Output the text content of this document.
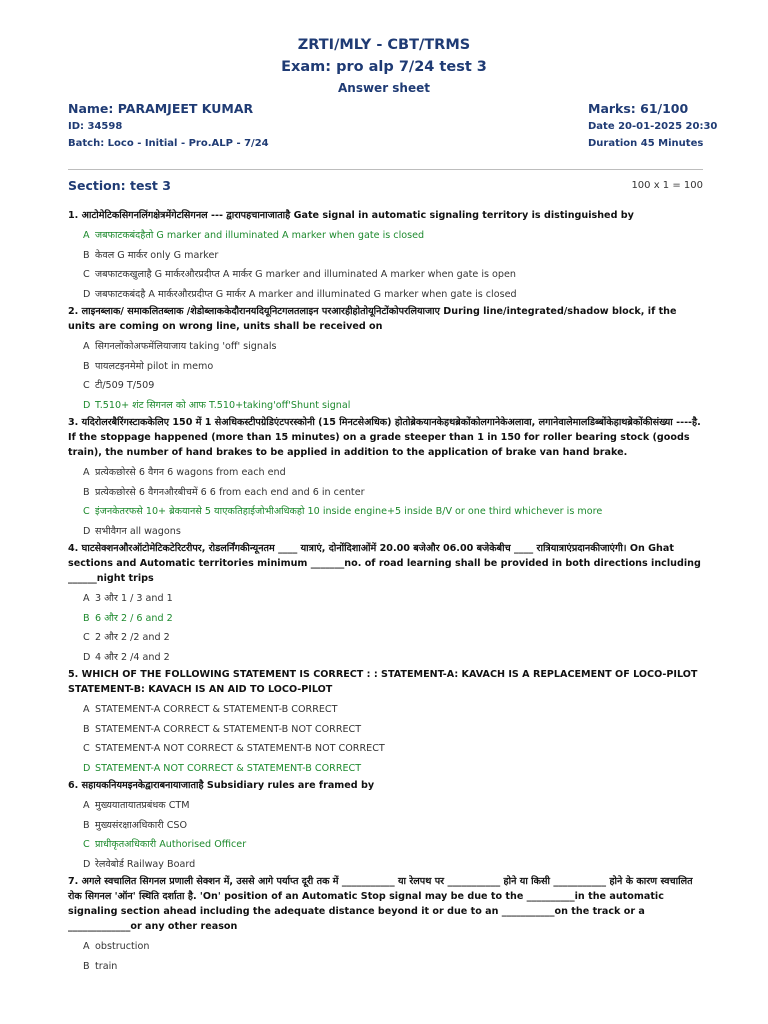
ZRTI/MLY - CBT/TRMS
Exam: pro alp 7/24 test 3
Answer sheet
Name: PARAMJEET KUMAR	Marks: 61/100
ID: 34598	Date 20-01-2025 20:30
Batch: Loco - Initial - Pro.ALP - 7/24	Duration 45 Minutes
Section: test 3	100 x 1 = 100
1. आटोमेटिकसिगनलिंगक्षेत्रमेंगेटसिगनल --- द्वारापहचानाजाताहै Gate signal in automatic signaling territory is distinguished by
A जबफाटकबंदहैतो G marker and illuminated A marker when gate is closed
B केवल G मार्कर only G marker
C जबफाटकखुलाहै G मार्करऔरप्रदीप्त A मार्कर G marker and illuminated A marker when gate is open
D जबफाटकबंदहै A मार्करऔरप्रदीप्त G मार्कर A marker and illuminated G marker when gate is closed
2. लाइनब्लाक/ समाकलितब्लाक /शेडोब्लाककेदौरानयदियूनिटगलतलाइन परआरहीहोतोयूनिटोंकोपरलियाजाए During line/integrated/shadow block, if the units are coming on wrong line, units shall be received on
A सिगनलोंकोअफमेंलियाजाय taking 'off' signals
B पायलटइनमेमो pilot in memo
C टी/509 T/509
D T.510+ शंट सिगनल को आफ T.510+taking'off'Shunt signal
3. यदिरोलरबैरिंगस्टाककेलिए 150 में 1 सेअधिकस्टीपग्रेडिएंटपरस्कोनी (15 मिनटसेअधिक) होतोब्रेकयानकेहथब्रेकोंकोलगानेकेअलावा, लगानेवालेमालडिब्बोंकेहाथब्रेकोंकीसंख्या ----है. If the stoppage happened (more than 15 minutes) on a grade steeper than 1 in 150 for roller bearing stock (goods train), the number of hand brakes to be applied in addition to the application of brake van hand brake.
A प्रत्येकछोरसे 6 वैगन 6 wagons from each end
B प्रत्येकछोरसे 6 वैगनऔरबीचमें 6 6 from each end and 6 in center
C इंजनकेतरफसे 10+ ब्रेकयानसे 5 याएकतिहाईजोभीअधिकहो 10 inside engine+5 inside B/V or one third whichever is more
D सभीवैगन all wagons
4. घाटसेक्शनऔरऑटोमेटिकटेरिटरीपर, रोडलर्निंगकीन्यूनतम ____ यात्राएं, दोनोंदिशाओंमें 20.00 बजेऔर 06.00 बजेकेबीच ____ रात्रियात्राएंप्रदानकीजाएंगी। On Ghat sections and Automatic territories minimum _______no. of road learning shall be provided in both directions including ______night trips
A 3 और 1 / 3 and 1
B 6 और 2 / 6 and 2
C 2 और 2 /2 and 2
D 4 और 2 /4 and 2
5. WHICH OF THE FOLLOWING STATEMENT IS CORRECT : : STATEMENT-A: KAVACH IS A REPLACEMENT OF LOCO-PILOT STATEMENT-B: KAVACH IS AN AID TO LOCO-PILOT
A STATEMENT-A CORRECT & STATEMENT-B CORRECT
B STATEMENT-A CORRECT & STATEMENT-B NOT CORRECT
C STATEMENT-A NOT CORRECT & STATEMENT-B NOT CORRECT
D STATEMENT-A NOT CORRECT & STATEMENT-B CORRECT
6. सहायकनियमइनकेद्वाराबनायाजाताहै Subsidiary rules are framed by
A मुख्ययातायातप्रबंधक CTM
B मुख्यसंरक्षाअधिकारी CSO
C प्राधीकृतअधिकारी Authorised Officer
D रेलवेबोर्ड Railway Board
7. अगले स्वचालित सिगनल प्रणाली सेक्शन में, उससे आगे पर्याप्त दूरी तक में ___________ या रेलपथ पर ___________ होने या किसी ___________ होने के कारण स्वचालित रोक सिगनल 'ऑन' स्थिति दर्शाता है. 'On' position of an Automatic Stop signal may be due to the __________in the automatic signaling section ahead including the adequate distance beyond it or due to an ___________on the track or a _____________or any other reason
A obstruction
B train
